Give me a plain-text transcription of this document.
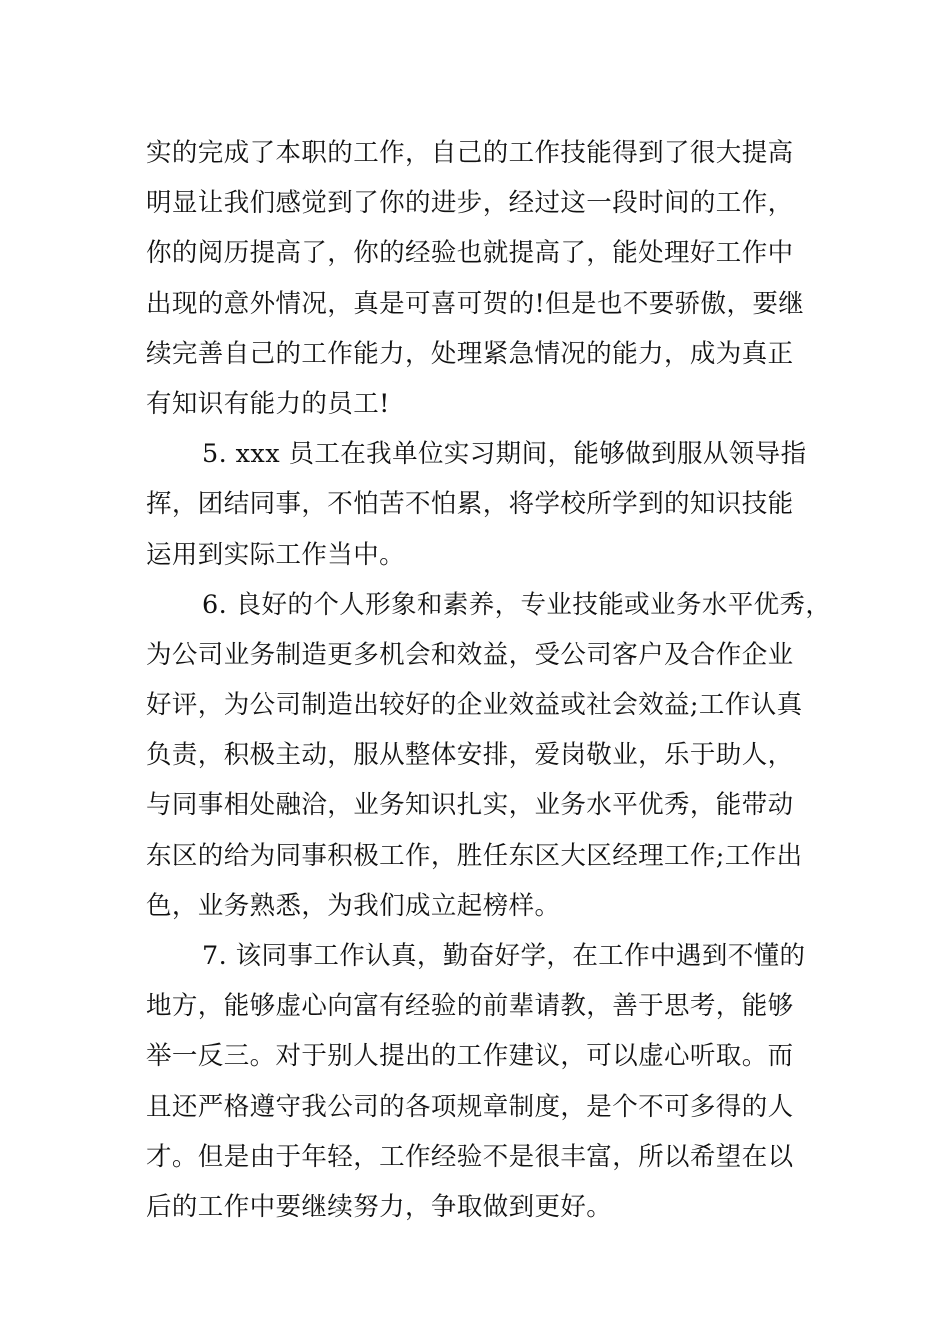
实的完成了本职的工作，自己的工作技能得到了很大提高
明显让我们感觉到了你的进步，经过这一段时间的工作，
你的阅历提高了，你的经验也就提高了，能处理好工作中
出现的意外情况，真是可喜可贺的!但是也不要骄傲，要继
续完善自己的工作能力，处理紧急情况的能力，成为真正
有知识有能力的员工!
5. xxx 员工在我单位实习期间，能够做到服从领导指
挥，团结同事，不怕苦不怕累，将学校所学到的知识技能
运用到实际工作当中。
6. 良好的个人形象和素养，专业技能或业务水平优秀，
为公司业务制造更多机会和效益，受公司客户及合作企业
好评，为公司制造出较好的企业效益或社会效益;工作认真
负责，积极主动，服从整体安排，爱岗敬业，乐于助人，
与同事相处融洽，业务知识扎实，业务水平优秀，能带动
东区的给为同事积极工作，胜任东区大区经理工作;工作出
色，业务熟悉，为我们成立起榜样。
7. 该同事工作认真，勤奋好学，在工作中遇到不懂的
地方，能够虚心向富有经验的前辈请教，善于思考，能够
举一反三。对于别人提出的工作建议，可以虚心听取。而
且还严格遵守我公司的各项规章制度，是个不可多得的人
才。但是由于年轻，工作经验不是很丰富，所以希望在以
后的工作中要继续努力，争取做到更好。
